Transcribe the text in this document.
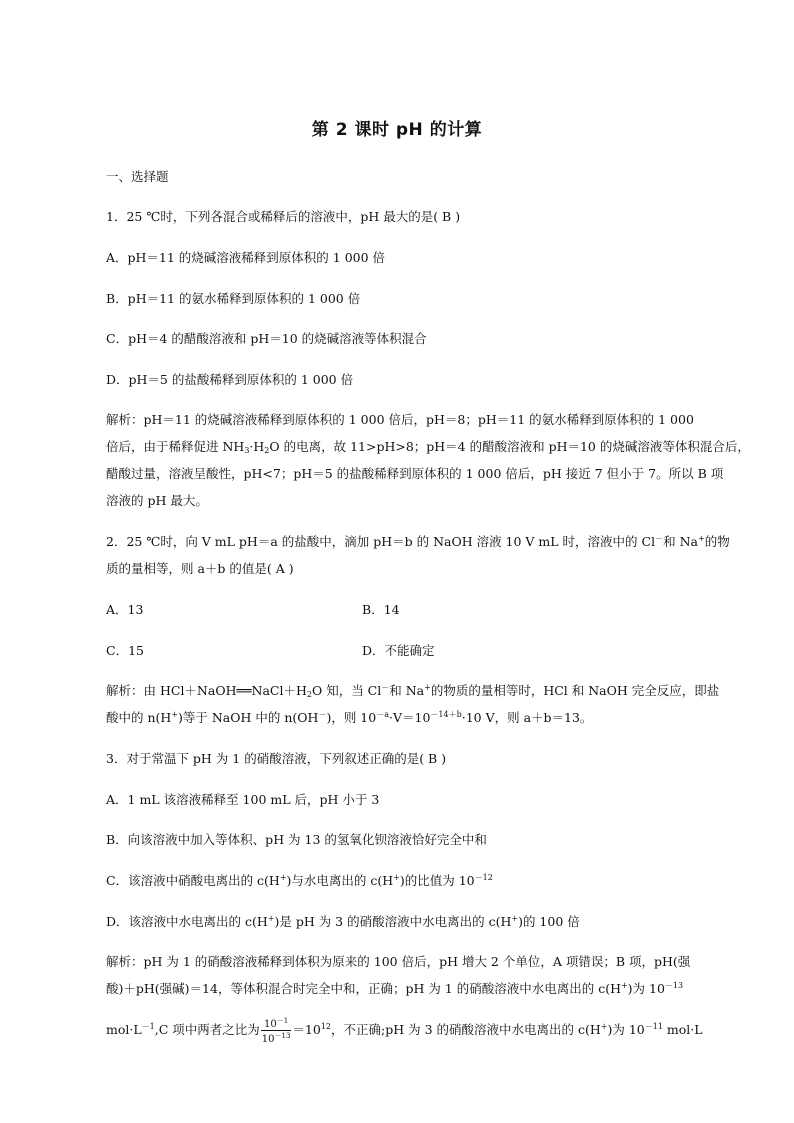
第 2 课时 pH 的计算
一、选择题
1．25 ℃时，下列各混合或稀释后的溶液中，pH 最大的是( B )
A．pH＝11 的烧碱溶液稀释到原体积的 1 000 倍
B．pH＝11 的氨水稀释到原体积的 1 000 倍
C．pH＝4 的醋酸溶液和 pH＝10 的烧碱溶液等体积混合
D．pH＝5 的盐酸稀释到原体积的 1 000 倍
解析：pH＝11 的烧碱溶液稀释到原体积的 1 000 倍后，pH＝8；pH＝11 的氨水稀释到原体积的 1 000
倍后，由于稀释促进 $NH_3\cdot H_2O$ 的电离，故 11>pH>8；pH＝4 的醋酸溶液和 pH＝10 的烧碱溶液等体积混合后，
醋酸过量，溶液呈酸性，pH<7；pH＝5 的盐酸稀释到原体积的 1 000 倍后，pH 接近 7 但小于 7。所以 B 项
溶液的 pH 最大。
2．25 ℃时，向 V mL pH＝a 的盐酸中，滴加 pH＝b 的 NaOH 溶液 10 V mL 时，溶液中的 Cl－和 Na+的物
质的量相等，则 a＋b 的值是( A )
A．13	B．14
C．15	D．不能确定
解析：由 $HCl+NaOH══NaCl+H_2O$ 知，当 Cl－和 Na+的物质的量相等时，HCl 和 NaOH 完全反应，即盐
酸中的 n(H+)等于 NaOH 中的 n(OH－)，则 $10^{-a}\cdot V=10^{-14+b}\cdot 10$ V，则 a＋b＝13。
3．对于常温下 pH 为 1 的硝酸溶液，下列叙述正确的是( B )
A．1 mL 该溶液稀释至 100 mL 后，pH 小于 3
B．向该溶液中加入等体积、pH 为 13 的氢氧化钡溶液恰好完全中和
C．该溶液中硝酸电离出的 c(H+)与水电离出的 c(H+)的比值为 $10^{-12}$
D．该溶液中水电离出的 c(H+)是 pH 为 3 的硝酸溶液中水电离出的 c(H+)的 100 倍
解析：pH 为 1 的硝酸溶液稀释到体积为原来的 100 倍后，pH 增大 2 个单位，A 项错误；B 项，pH(强
酸)＋pH(强碱)＝14，等体积混合时完全中和，正确；pH 为 1 的硝酸溶液中水电离出的 c(H+)为 $10^{-13}$
$mol\cdot L^{-1},C$ 项中两者之比为 $\frac{10^{-1}}{10^{-13}} =10^{12}$，不正确;pH 为 3 的硝酸溶液中水电离出的 c(H+)为 $10^{-11}$ mol·L
